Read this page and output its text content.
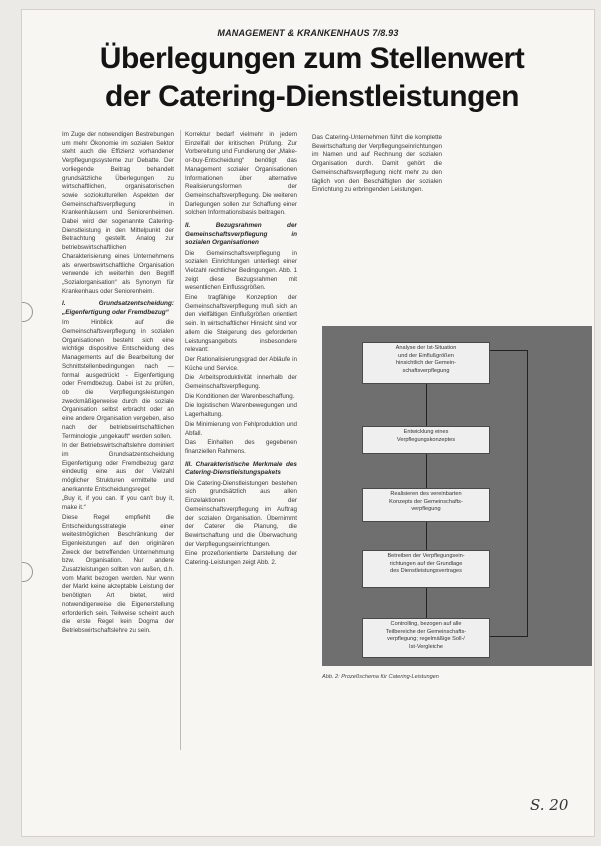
MANAGEMENT & KRANKENHAUS 7/8.93
Überlegungen zum Stellenwert
der Catering-Dienstleistungen

Im Zuge der notwendigen Bestrebungen um mehr Ökonomie im sozialen Sektor steht auch die Effizienz vorhandener Verpflegungssysteme zur Debatte. Der vorliegende Beitrag behandelt grundsätzliche Überlegungen zu wirtschaftlichen, organisatorischen sowie soziokulturellen Aspekten der Gemeinschaftsverpflegung in Krankenhäusern und Seniorenheimen. Dabei wird der sogenannte Catering-Dienstleistung in den Mittelpunkt der Betrachtung gestellt. Analog zur betriebswirtschaftlichen Charakterisierung eines Unternehmens als erwerbswirtschaftliche Organisation verwende ich weiterhin den Begriff „Sozialorganisation“ als Synonym für Krankenhaus oder Seniorenheim.

I. Grundsatzentscheidung: „Eigenfertigung oder Fremdbezug“

Im Hinblick auf die Gemeinschaftsverpflegung in sozialen Organisationen besteht sich eine wichtige dispositive Entscheidung des Managements auf die Bearbeitung der Schnittstellenbedingungen nach — formal ausgedrückt - Eigenfertigung oder Fremdbezug. Dabei ist zu prüfen, ob die Verpflegungsleistungen zweckmäßigerweise durch die soziale Organisation selbst erbracht oder an eine andere Organisation vergeben, also nach der betriebswirtschaftlichen Terminologie „ungekauft“ werden sollen.

In der Betriebswirtschaftslehre dominiert im Grundsatzentscheidung Eigenfertigung oder Fremdbezug ganz eindeutig eine aus der Vielzahl möglicher Strukturen ermittelte und anerkannte Entscheidungsregel:

„Buy it, if you can. If you can't buy it, make it.“

Diese Regel empfiehlt die Entscheidungsstrategie einer weitestmöglichen Beschränkung der Eigenleistungen auf den originären Zweck der betreffenden Unternehmung bzw. Organisation. Nur andere Zusatzleistungen sollten von außen, d.h. vom Markt bezogen werden. Nur wenn der Markt keine akzeptable Leistung der benötigten Art bietet, wird notwendigerweise die Eigenerstellung erforderlich sein. Teilweise scheint auch die erste Regel kein Dogma der Betriebswirtschaftslehre zu sein.

Korrektur bedarf vielmehr in jedem Einzelfall der kritischen Prüfung. Zur Vorbereitung und Fundierung der „Make-or-buy-Entscheidung“ benötigt das Management sozialer Organisationen Informationen über alternative Realisierungsformen der Gemeinschaftsverpflegung. Die weiteren Darlegungen sollen zur Schaffung einer solchen Informationsbasis beitragen.

II. Bezugsrahmen der Gemeinschaftsverpflegung in sozialen Organisationen

Die Gemeinschaftsverpflegung in sozialen Einrichtungen unterliegt einer Vielzahl rechtlicher Bedingungen. Abb. 1 zeigt diese Bezugsrahmen mit wesentlichen Einflussgrößen.

Eine tragfähige Konzeption der Gemeinschaftsverpflegung muß sich an den vielfältigen Einflußgrößen orientiert sein. In wirtschaftlicher Hinsicht sind vor allem die Steigerung des geforderten Leistungsangebots insbesondere relevant:

Der Rationalisierungsgrad der Abläufe in Küche und Service.

Die Arbeitsproduktivität innerhalb der Gemeinschaftsverpflegung.

Die Konditionen der Warenbeschaffung.

Die logistischen Warenbewegungen und Lagerhaltung.

Die Minimierung von Fehlproduktion und Abfall.

Das Einhalten des gegebenen finanziellen Rahmens.

III. Charakteristische Merkmale des Catering-Dienstleistungspakets

Die Catering-Dienstleistungen bestehen sich grundsätzlich aus allen Einzelaktionen der Gemeinschaftsverpflegung im Auftrag der sozialen Organisation. Übernimmt der Caterer die Planung, die Bewirtschaftung und die Überwachung der Verpflegungseinrichtungen.

Eine prozeßorientierte Darstellung der Catering-Leistungen zeigt Abb. 2.

Das Catering-Unternehmen führt die komplette Bewirtschaftung der Verpflegungseinrichtungen im Namen und auf Rechnung der sozialen Organisation durch. Damit gehört die Gemeinschaftsverpflegung nicht mehr zu den täglich von den Beschäftigten der sozialen Einrichtung zu erbringenden Leistungen.

Analyse der Ist-Situation
und der Einflußgrößen
hinsichtlich der Gemein-
schaftsverpflegung
Entwicklung eines
Verpflegungskonzeptes
Realisieren des vereinbarten
Konzepts der Gemeinschafts-
verpflegung
Betreiben der Verpflegungsein-
richtungen auf der Grundlage
des Dienstleistungsvertrages
Controlling, bezogen auf alle
Teilbereiche der Gemeinschafts-
verpflegung; regelmäßige Soll-/
Ist-Vergleiche
Abb. 2: Prozeßschema für Catering-Leistungen
S. 20
